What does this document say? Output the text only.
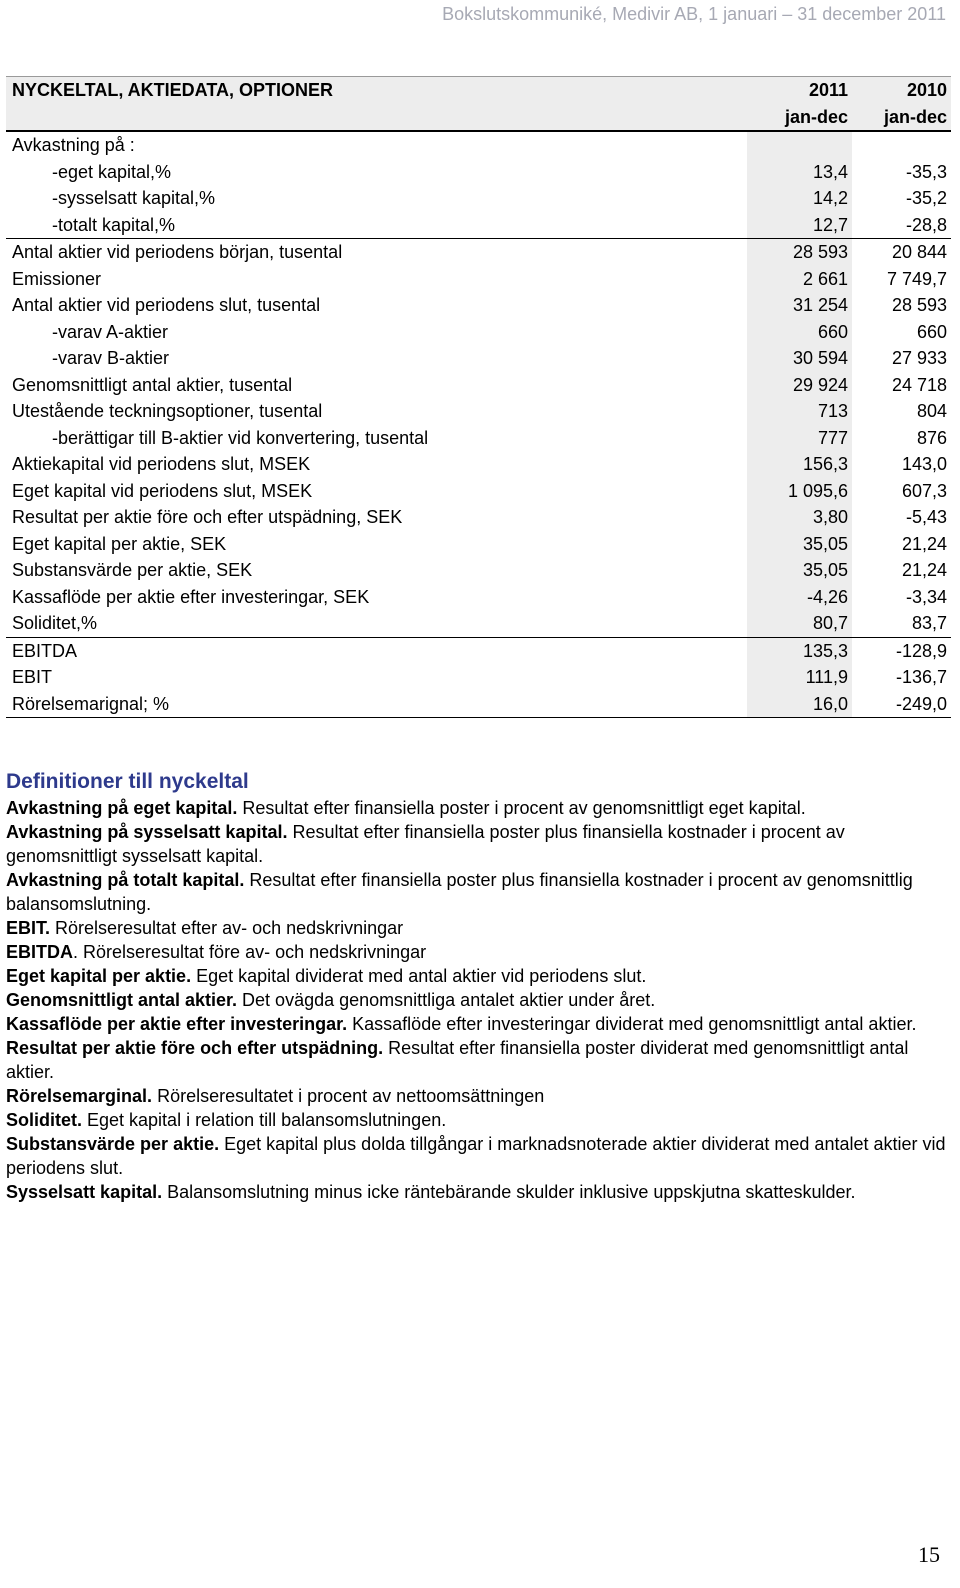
Bokslutskommuniké, Medivir AB, 1 januari – 31 december 2011
NYCKELTAL, AKTIEDATA, OPTIONER	2011	2010
	jan-dec	jan-dec
Avkastning på :		
-eget kapital,%	13,4	-35,3
-sysselsatt kapital,%	14,2	-35,2
-totalt kapital,%	12,7	-28,8
Antal aktier vid periodens början, tusental	28 593	20 844
Emissioner	2 661	7 749,7
Antal aktier vid periodens slut, tusental	31 254	28 593
-varav A-aktier	660	660
-varav B-aktier	30 594	27 933
Genomsnittligt antal aktier, tusental	29 924	24 718
Utestående teckningsoptioner, tusental	713	804
-berättigar till B-aktier vid konvertering, tusental	777	876
Aktiekapital vid periodens slut, MSEK	156,3	143,0
Eget kapital vid periodens slut, MSEK	1 095,6	607,3
Resultat per aktie före och efter utspädning, SEK	3,80	-5,43
Eget kapital per aktie, SEK	35,05	21,24
Substansvärde per aktie, SEK	35,05	21,24
Kassaflöde per aktie efter investeringar, SEK	-4,26	-3,34
Soliditet,%	80,7	83,7
EBITDA	135,3	-128,9
EBIT	111,9	-136,7
Rörelsemarignal; %	16,0	-249,0
Definitioner till nyckeltal

Avkastning på eget kapital. Resultat efter finansiella poster i procent av genomsnittligt eget kapital.

Avkastning på sysselsatt kapital. Resultat efter finansiella poster plus finansiella kostnader i procent av genomsnittligt sysselsatt kapital.

Avkastning på totalt kapital. Resultat efter finansiella poster plus finansiella kostnader i procent av genomsnittlig balansomslutning.

EBIT. Rörelseresultat efter av- och nedskrivningar

EBITDA. Rörelseresultat före av- och nedskrivningar

Eget kapital per aktie. Eget kapital dividerat med antal aktier vid periodens slut.

Genomsnittligt antal aktier. Det ovägda genomsnittliga antalet aktier under året.

Kassaflöde per aktie efter investeringar. Kassaflöde efter investeringar dividerat med genomsnittligt antal aktier.

Resultat per aktie före och efter utspädning. Resultat efter finansiella poster dividerat med genomsnittligt antal aktier.

Rörelsemarginal. Rörelseresultatet i procent av nettoomsättningen

Soliditet. Eget kapital i relation till balansomslutningen.

Substansvärde per aktie. Eget kapital plus dolda tillgångar i marknadsnoterade aktier dividerat med antalet aktier vid periodens slut.

Sysselsatt kapital. Balansomslutning minus icke räntebärande skulder inklusive uppskjutna skatteskulder.

15
